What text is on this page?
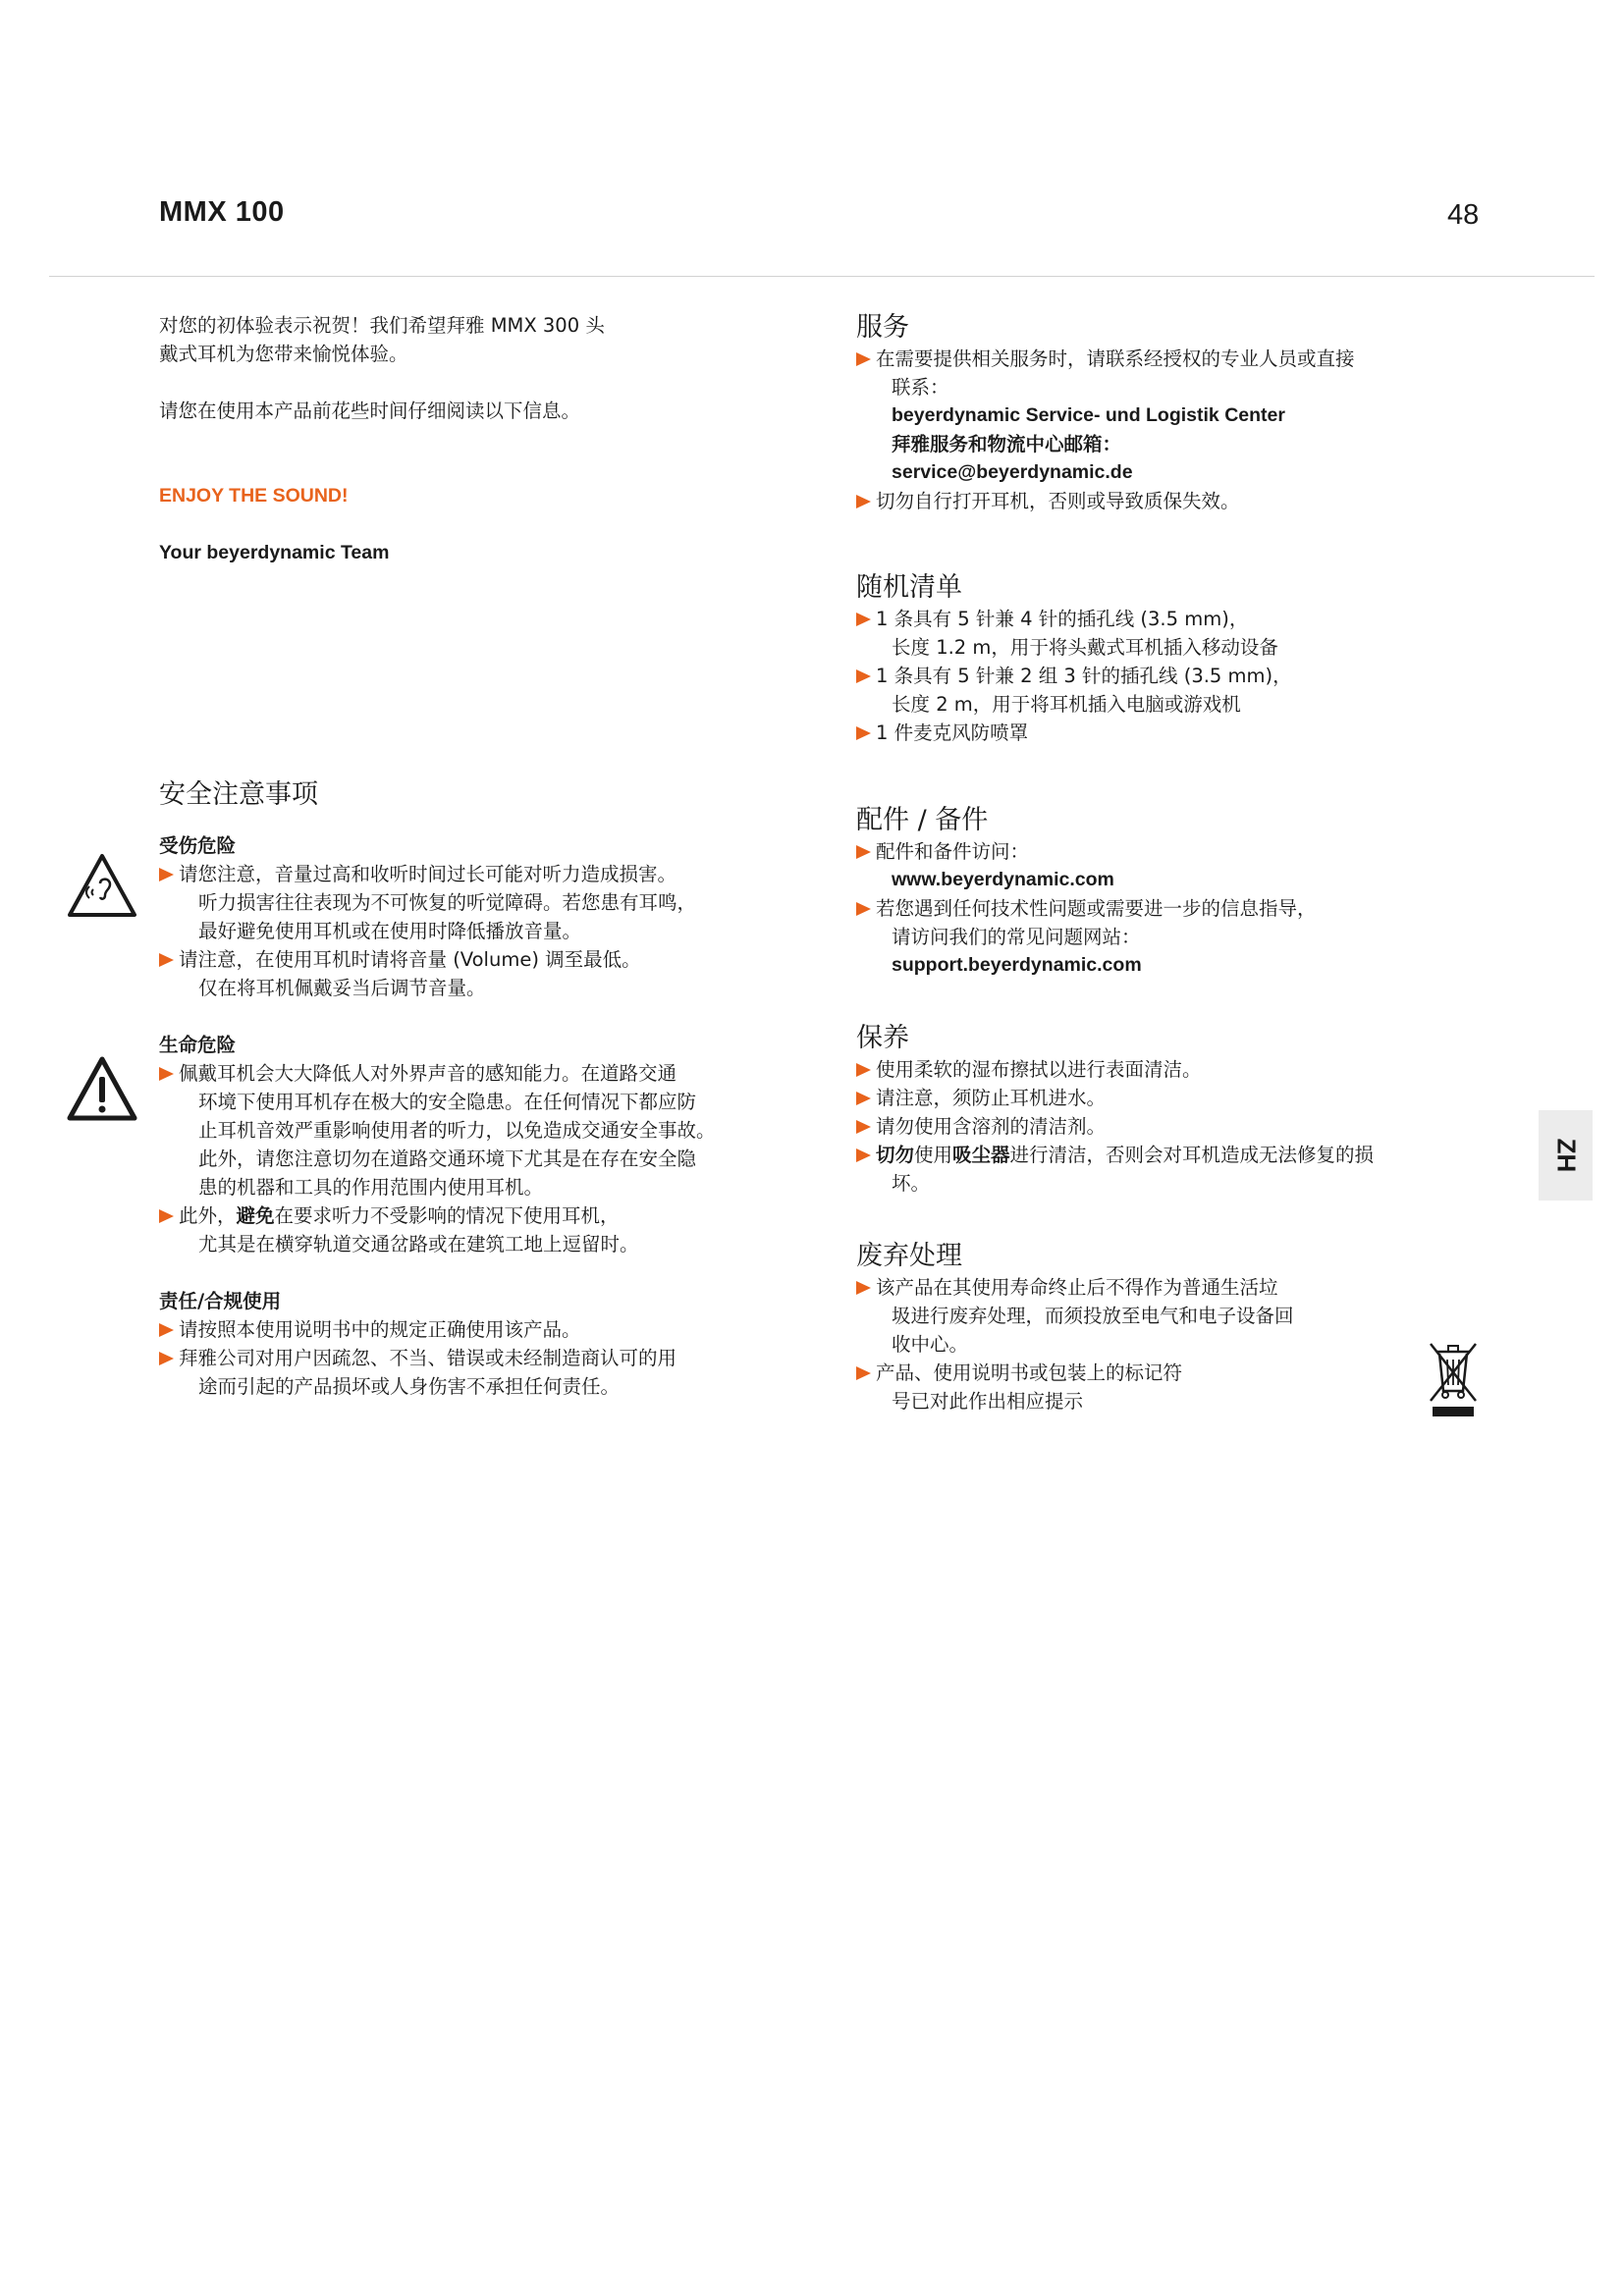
MMX 100	48

对您的初体验表示祝贺！我们希望拜雅 MMX 300 头

戴式耳机为您带来愉悦体验。

请您在使用本产品前花些时间仔细阅读以下信息。

ENJOY THE SOUND!

Your beyerdynamic Team

安全注意事项
受伤危险
请您注意，音量过高和收听时间过长可能对听力造成损害。
听力损害往往表现为不可恢复的听觉障碍。若您患有耳鸣，
最好避免使用耳机或在使用时降低播放音量。
请注意，在使用耳机时请将音量 (Volume) 调至最低。
仅在将耳机佩戴妥当后调节音量。
生命危险
佩戴耳机会大大降低人对外界声音的感知能力。在道路交通
环境下使用耳机存在极大的安全隐患。在任何情况下都应防
止耳机音效严重影响使用者的听力，以免造成交通安全事故。
此外，请您注意切勿在道路交通环境下尤其是在存在安全隐
患的机器和工具的作用范围内使用耳机。
此外，避免在要求听力不受影响的情况下使用耳机，
尤其是在横穿轨道交通岔路或在建筑工地上逗留时。
责任/合规使用
请按照本使用说明书中的规定正确使用该产品。
拜雅公司对用户因疏忽、不当、错误或未经制造商认可的用
途而引起的产品损坏或人身伤害不承担任何责任。
服务
在需要提供相关服务时，请联系经授权的专业人员或直接
联系：
beyerdynamic Service- und Logistik Center
拜雅服务和物流中心邮箱：
service@beyerdynamic.de
切勿自行打开耳机，否则或导致质保失效。
随机清单
1 条具有 5 针兼 4 针的插孔线 (3.5 mm)，
长度 1.2 m，用于将头戴式耳机插入移动设备
1 条具有 5 针兼 2 组 3 针的插孔线 (3.5 mm)，
长度 2 m，用于将耳机插入电脑或游戏机
1 件麦克风防喷罩
配件 / 备件
配件和备件访问：
www.beyerdynamic.com
若您遇到任何技术性问题或需要进一步的信息指导，
请访问我们的常见问题网站：
support.beyerdynamic.com
保养
使用柔软的湿布擦拭以进行表面清洁。
请注意，须防止耳机进水。
请勿使用含溶剂的清洁剂。
切勿使用吸尘器进行清洁，否则会对耳机造成无法修复的损
坏。
废弃处理
该产品在其使用寿命终止后不得作为普通生活垃
圾进行废弃处理，而须投放至电气和电子设备回
收中心。
产品、使用说明书或包装上的标记符
号已对此作出相应提示
ZH
